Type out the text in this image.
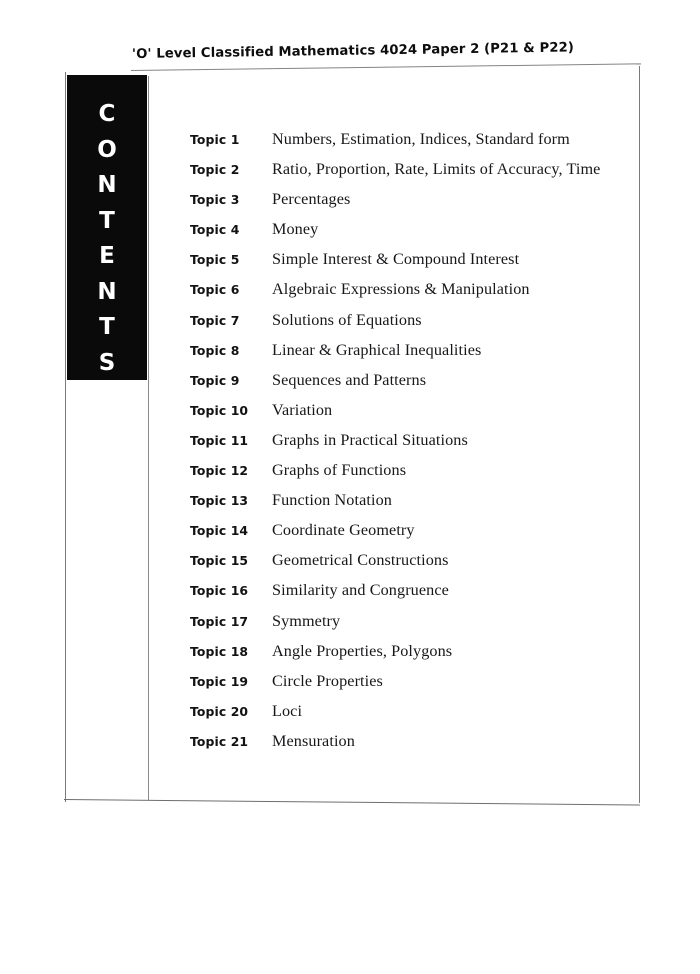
'O' Level Classified Mathematics 4024 Paper 2 (P21 & P22)
C
O
N
T
E
N
T
S
Topic 1	Numbers, Estimation, Indices, Standard form
Topic 2	Ratio, Proportion, Rate, Limits of Accuracy, Time
Topic 3	Percentages
Topic 4	Money
Topic 5	Simple Interest & Compound Interest
Topic 6	Algebraic Expressions & Manipulation
Topic 7	Solutions of Equations
Topic 8	Linear & Graphical Inequalities
Topic 9	Sequences and Patterns
Topic 10	Variation
Topic 11	Graphs in Practical Situations
Topic 12	Graphs of Functions
Topic 13	Function Notation
Topic 14	Coordinate Geometry
Topic 15	Geometrical Constructions
Topic 16	Similarity and Congruence
Topic 17	Symmetry
Topic 18	Angle Properties, Polygons
Topic 19	Circle Properties
Topic 20	Loci
Topic 21	Mensuration
